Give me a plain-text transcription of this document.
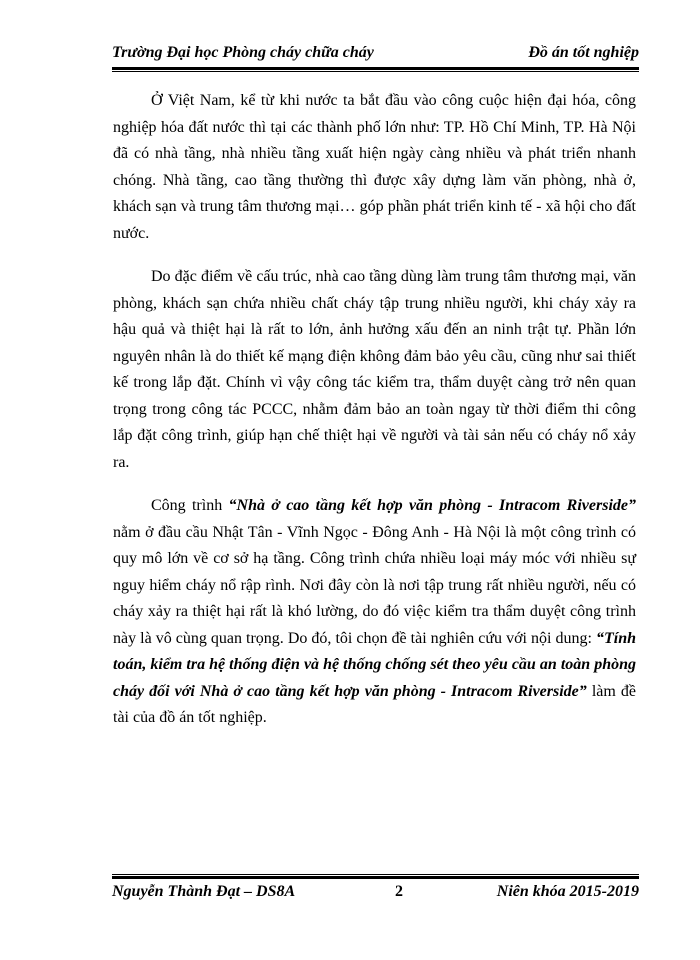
Trường Đại học Phòng cháy chữa cháy	Đồ án tốt nghiệp

Ở Việt Nam, kể từ khi nước ta bắt đầu vào công cuộc hiện đại hóa, công nghiệp hóa đất nước thì tại các thành phố lớn như: TP. Hồ Chí Minh, TP. Hà Nội đã có nhà tầng, nhà nhiều tầng xuất hiện ngày càng nhiều và phát triển nhanh chóng. Nhà tầng, cao tầng thường thì được xây dựng làm văn phòng, nhà ở, khách sạn và trung tâm thương mại… góp phần phát triển kinh tế - xã hội cho đất nước.

Do đặc điểm về cấu trúc, nhà cao tầng dùng làm trung tâm thương mại, văn phòng, khách sạn chứa nhiều chất cháy tập trung nhiều người, khi cháy xảy ra hậu quả và thiệt hại là rất to lớn, ảnh hưởng xấu đến an ninh trật tự. Phần lớn nguyên nhân là do thiết kế mạng điện không đảm bảo yêu cầu, cũng như sai thiết kế trong lắp đặt. Chính vì vậy công tác kiểm tra, thẩm duyệt càng trở nên quan trọng trong công tác PCCC, nhằm đảm bảo an toàn ngay từ thời điểm thi công lắp đặt công trình, giúp hạn chế thiệt hại về người và tài sản nếu có cháy nổ xảy ra.

Công trình “Nhà ở cao tầng kết hợp văn phòng - Intracom Riverside” nằm ở đầu cầu Nhật Tân - Vĩnh Ngọc - Đông Anh - Hà Nội là một công trình có quy mô lớn về cơ sở hạ tầng. Công trình chứa nhiều loại máy móc với nhiều sự nguy hiểm cháy nổ rập rình. Nơi đây còn là nơi tập trung rất nhiều người, nếu có cháy xảy ra thiệt hại rất là khó lường, do đó việc kiểm tra thẩm duyệt công trình này là vô cùng quan trọng. Do đó, tôi chọn đề tài nghiên cứu với nội dung: “Tính toán, kiểm tra hệ thống điện và hệ thống chống sét theo yêu cầu an toàn phòng cháy đối với Nhà ở cao tầng kết hợp văn phòng - Intracom Riverside” làm đề tài của đồ án tốt nghiệp.

Nguyễn Thành Đạt – DS8A	2	Niên khóa 2015-2019
